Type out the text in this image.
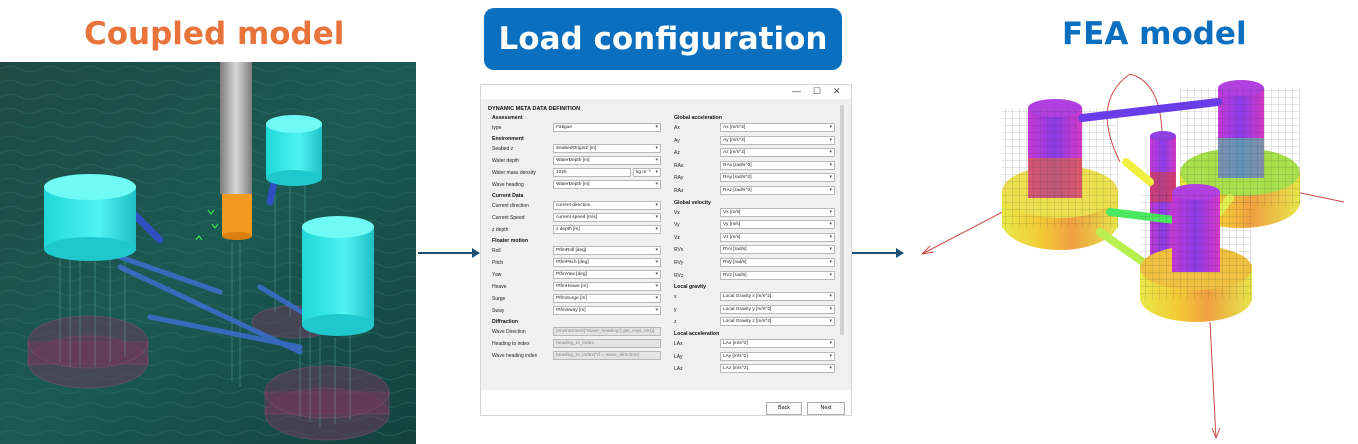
Coupled model	Load configuration	FEA model
— ☐ ✕
DYNAMIC META DATA DEFINITION
Assessment
type	Fatigue ▾
Environment
Seabed z	SeabedOriginZ [m] ▾
Water depth	WaterDepth [m] ▾
Water mass density	1025	kg m⁻³ ▾
Wave heading	WaterDepth [m] ▾
Current Data
Current direction	current direction ▾
Current Speed	current speed [m/s] ▾
z depth	z depth [m] ▾
Floater motion
Roll	PtfmRoll [deg] ▾
Pitch	PtfmPitch [deg] ▾
Yaw	PtfmYaw [deg] ▾
Heave	PtfmHeave [m] ▾
Surge	PtfmSurge [m] ▾
Sway	PtfmSway [m] ▾
Diffraction
Wave Direction	[environment["Wave_heading"].get_expr_str()]
Heading to index	heading_to_index
Wave heading index	heading_to_index("rf = wave_direction)
Global acceleration
Ax	Ax [m/s^2] ▾
Ay	Ay [m/s^2] ▾
Az	Az [m/s^2] ▾
RAx	RAx [rad/s^2] ▾
RAy	RAy [rad/s^2] ▾
RAz	RAz [rad/s^2] ▾
Global velocity
Vx	Vx [m/s] ▾
Vy	Vy [m/s] ▾
Vz	Vz [m/s] ▾
RVx	RVx [rad/s] ▾
RVy	RVy [rad/s] ▾
RVz	RVz [rad/s] ▾
Local gravity
x	Local Gravity x [m/s^2] ▾
y	Local Gravity y [m/s^2] ▾
z	Local Gravity z [m/s^2] ▾
Local acceleration
LAx	LAx [m/s^2] ▾
LAy	LAy [m/s^2] ▾
LAz	LAz [m/s^2] ▾
Back	Next
